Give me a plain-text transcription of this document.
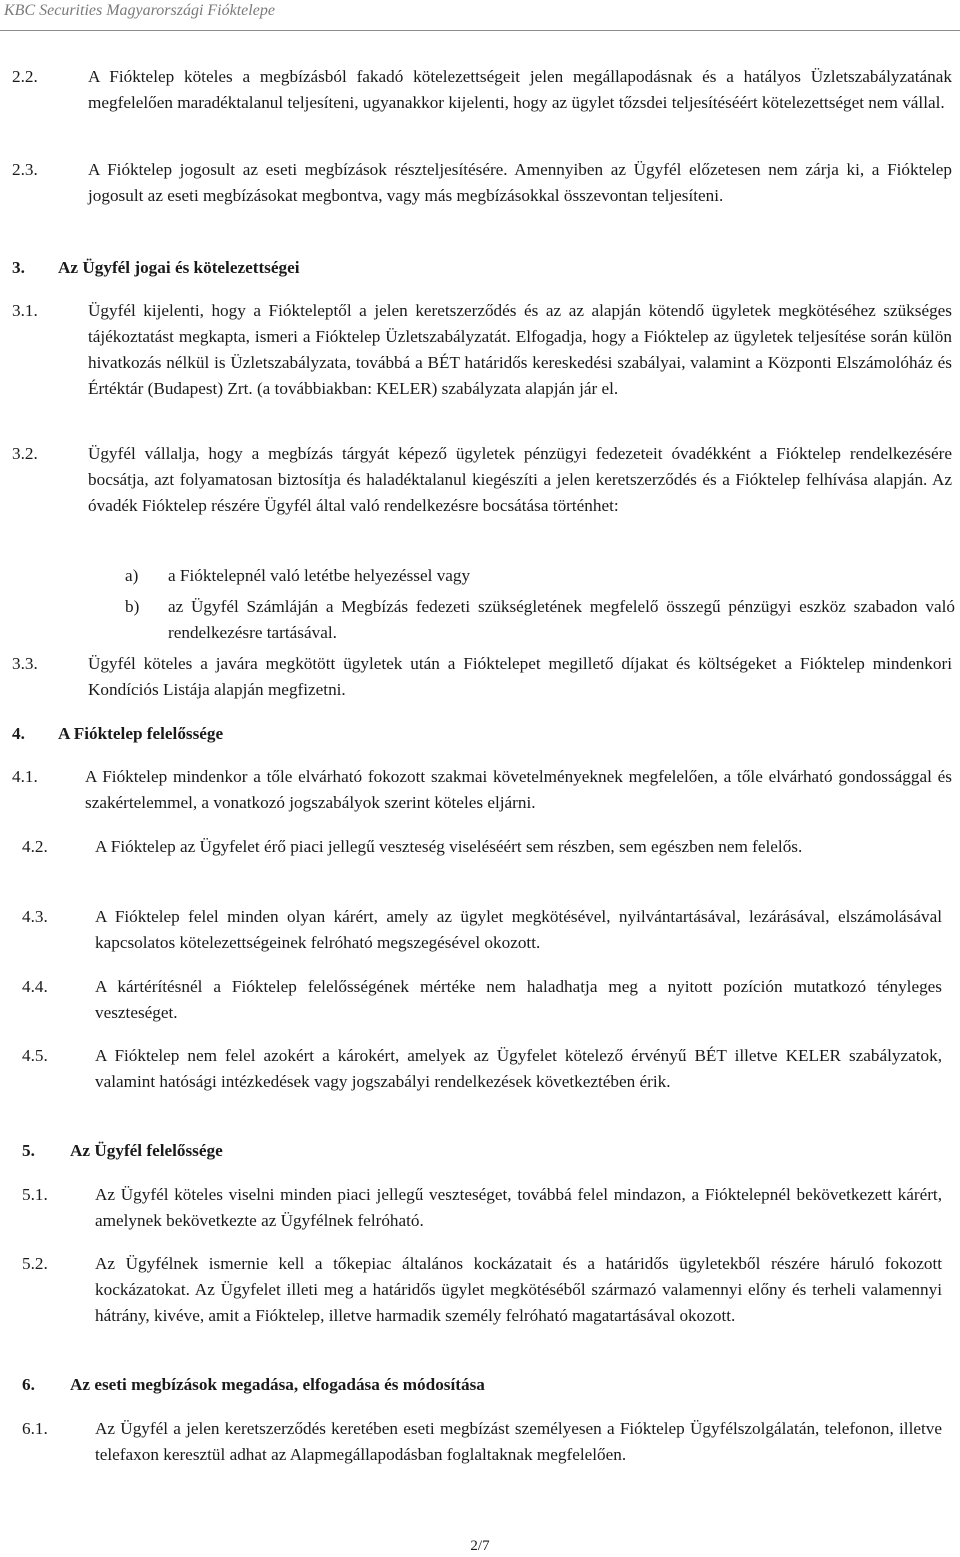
KBC Securities Magyarországi Fióktelepe
2.2.	A Fióktelep köteles a megbízásból fakadó kötelezettségeit jelen megállapodásnak és a hatályos Üzletszabályzatának megfelelően maradéktalanul teljesíteni, ugyanakkor kijelenti, hogy az ügylet tőzsdei teljesítéséért kötelezettséget nem vállal.
2.3.	A Fióktelep jogosult az eseti megbízások részteljesítésére. Amennyiben az Ügyfél előzetesen nem zárja ki, a Fióktelep jogosult az eseti megbízásokat megbontva, vagy más megbízásokkal összevontan teljesíteni.
3. Az Ügyfél jogai és kötelezettségei
3.1.	Ügyfél kijelenti, hogy a Fiókteleptől a jelen keretszerződés és az az alapján kötendő ügyletek megkötéséhez szükséges tájékoztatást megkapta, ismeri a Fióktelep Üzletszabályzatát. Elfogadja, hogy a Fióktelep az ügyletek teljesítése során külön hivatkozás nélkül is Üzletszabályzata, továbbá a BÉT határidős kereskedési szabályai, valamint a Központi Elszámolóház és Értéktár (Budapest) Zrt. (a továbbiakban: KELER) szabályzata alapján jár el.
3.2.	Ügyfél vállalja, hogy a megbízás tárgyát képező ügyletek pénzügyi fedezeteit óvadékként a Fióktelep rendelkezésére bocsátja, azt folyamatosan biztosítja és haladéktalanul kiegészíti a jelen keretszerződés és a Fióktelep felhívása alapján. Az óvadék Fióktelep részére Ügyfél által való rendelkezésre bocsátása történhet:
a) a Fióktelepnél való letétbe helyezéssel vagy
b) az Ügyfél Számláján a Megbízás fedezeti szükségletének megfelelő összegű pénzügyi eszköz szabadon való rendelkezésre tartásával.
3.3.	Ügyfél köteles a javára megkötött ügyletek után a Fióktelepet megillető díjakat és költségeket a Fióktelep mindenkori Kondíciós Listája alapján megfizetni.
4. A Fióktelep felelőssége
4.1.	A Fióktelep mindenkor a tőle elvárható fokozott szakmai követelményeknek megfelelően, a tőle elvárható gondossággal és szakértelemmel, a vonatkozó jogszabályok szerint köteles eljárni.
4.2.	A Fióktelep az Ügyfelet érő piaci jellegű veszteség viseléséért sem részben, sem egészben nem felelős.
4.3.	A Fióktelep felel minden olyan kárért, amely az ügylet megkötésével, nyilvántartásával, lezárásával, elszámolásával kapcsolatos kötelezettségeinek felróható megszegésével okozott.
4.4.	A kártérítésnél a Fióktelep felelősségének mértéke nem haladhatja meg a nyitott pozíción mutatkozó tényleges veszteséget.
4.5.	A Fióktelep nem felel azokért a károkért, amelyek az Ügyfelet kötelező érvényű BÉT illetve KELER szabályzatok, valamint hatósági intézkedések vagy jogszabályi rendelkezések következtében érik.
5. Az Ügyfél felelőssége
5.1.	Az Ügyfél köteles viselni minden piaci jellegű veszteséget, továbbá felel mindazon, a Fióktelepnél bekövetkezett kárért, amelynek bekövetkezte az Ügyfélnek felróható.
5.2.	Az Ügyfélnek ismernie kell a tőkepiac általános kockázatait és a határidős ügyletekből részére háruló fokozott kockázatokat. Az Ügyfelet illeti meg a határidős ügylet megkötéséből származó valamennyi előny és terheli valamennyi hátrány, kivéve, amit a Fióktelep, illetve harmadik személy felróható magatartásával okozott.
6. Az eseti megbízások megadása, elfogadása és módosítása
6.1.	Az Ügyfél a jelen keretszerződés keretében eseti megbízást személyesen a Fióktelep Ügyfélszolgálatán, telefonon, illetve telefaxon keresztül adhat az Alapmegállapodásban foglaltaknak megfelelően.
2/7
